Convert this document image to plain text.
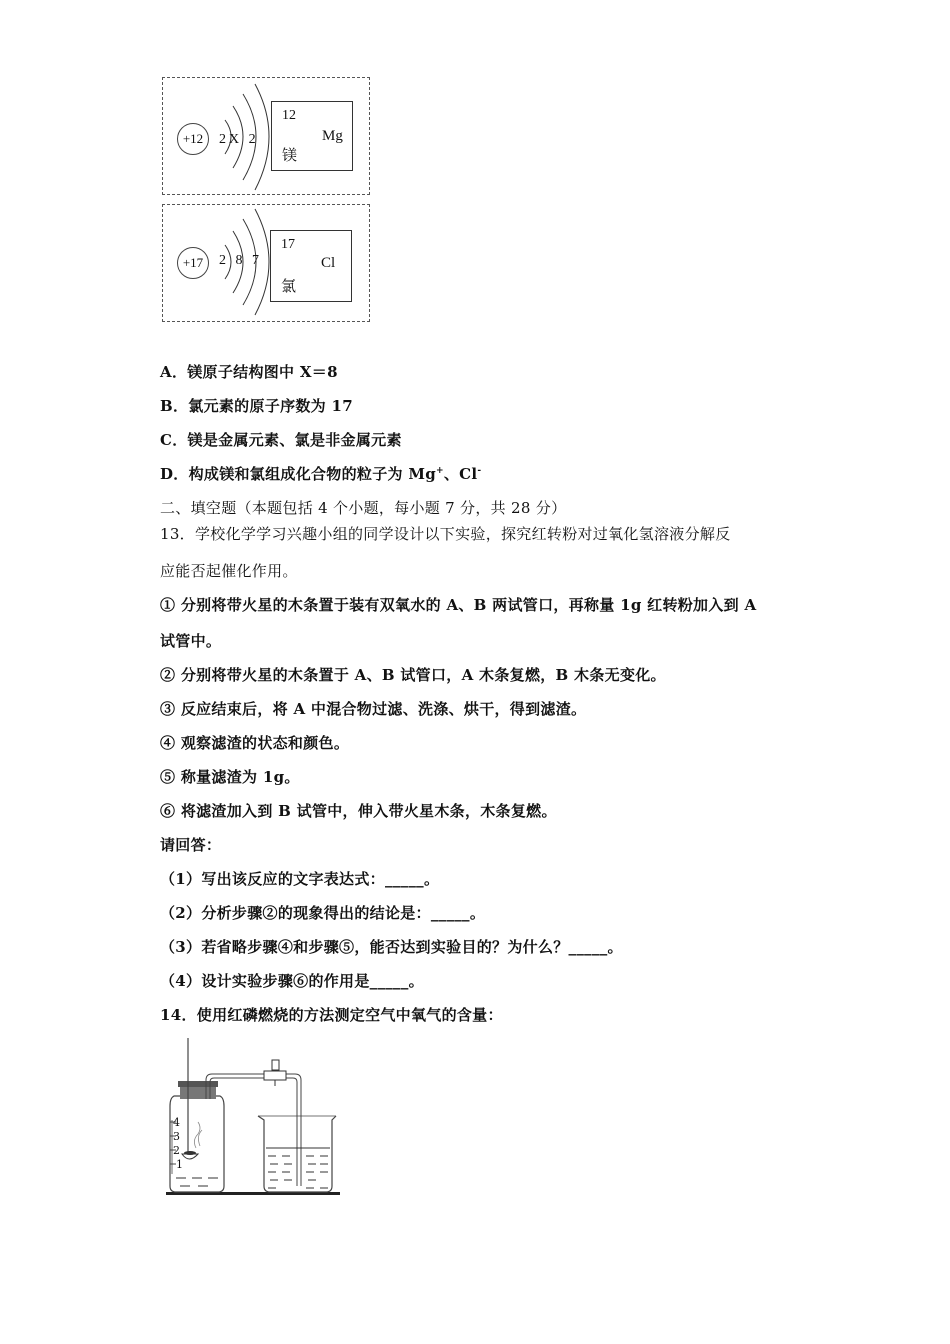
+12	2X 2
12
Mg
镁
+17	2 8 7
17
Cl
氯
A．镁原子结构图中 X＝8
B．氯元素的原子序数为 17
C．镁是金属元素、氯是非金属元素
D．构成镁和氯组成化合物的粒子为 Mg+、Cl-
二、填空题（本题包括 4 个小题，每小题 7 分，共 28 分）
13．学校化学学习兴趣小组的同学设计以下实验，探究红转粉对过氧化氢溶液分解反
应能否起催化作用。
① 分别将带火星的木条置于装有双氧水的 A、B 两试管口，再称量 1g 红转粉加入到 A
试管中。
② 分别将带火星的木条置于 A、B 试管口，A 木条复燃，B 木条无变化。
③ 反应结束后，将 A 中混合物过滤、洗涤、烘干，得到滤渣。
④ 观察滤渣的状态和颜色。
⑤ 称量滤渣为 1g。
⑥ 将滤渣加入到 B 试管中，伸入带火星木条，木条复燃。
请回答：
（1）写出该反应的文字表达式：_____。
（2）分析步骤②的现象得出的结论是：_____。
（3）若省略步骤④和步骤⑤，能否达到实验目的？为什么？_____。
（4）设计实验步骤⑥的作用是_____。
14．使用红磷燃烧的方法测定空气中氧气的含量：
4
3
2
1
